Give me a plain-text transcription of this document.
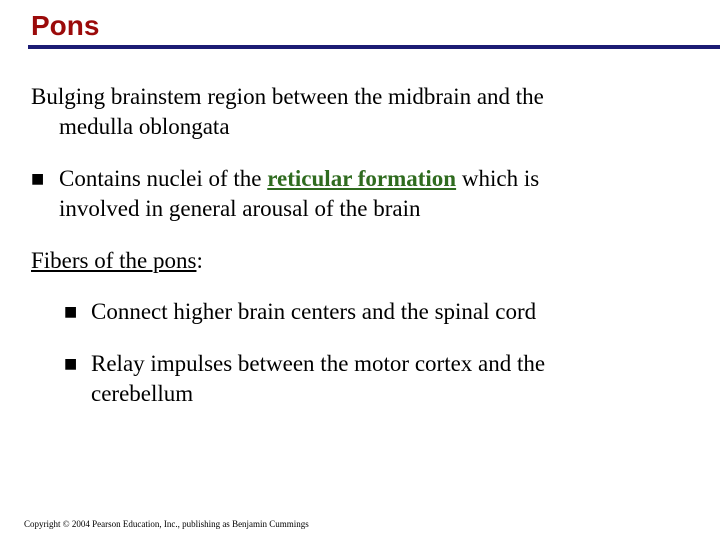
Pons

Bulging brainstem region between the midbrain and the
medulla oblongata

■ Contains nuclei of the reticular formation which is
involved in general arousal of the brain

Fibers of the pons:

■ Connect higher brain centers and the spinal cord
■ Relay impulses between the motor cortex and the
cerebellum
Copyright © 2004 Pearson Education, Inc., publishing as Benjamin Cummings
